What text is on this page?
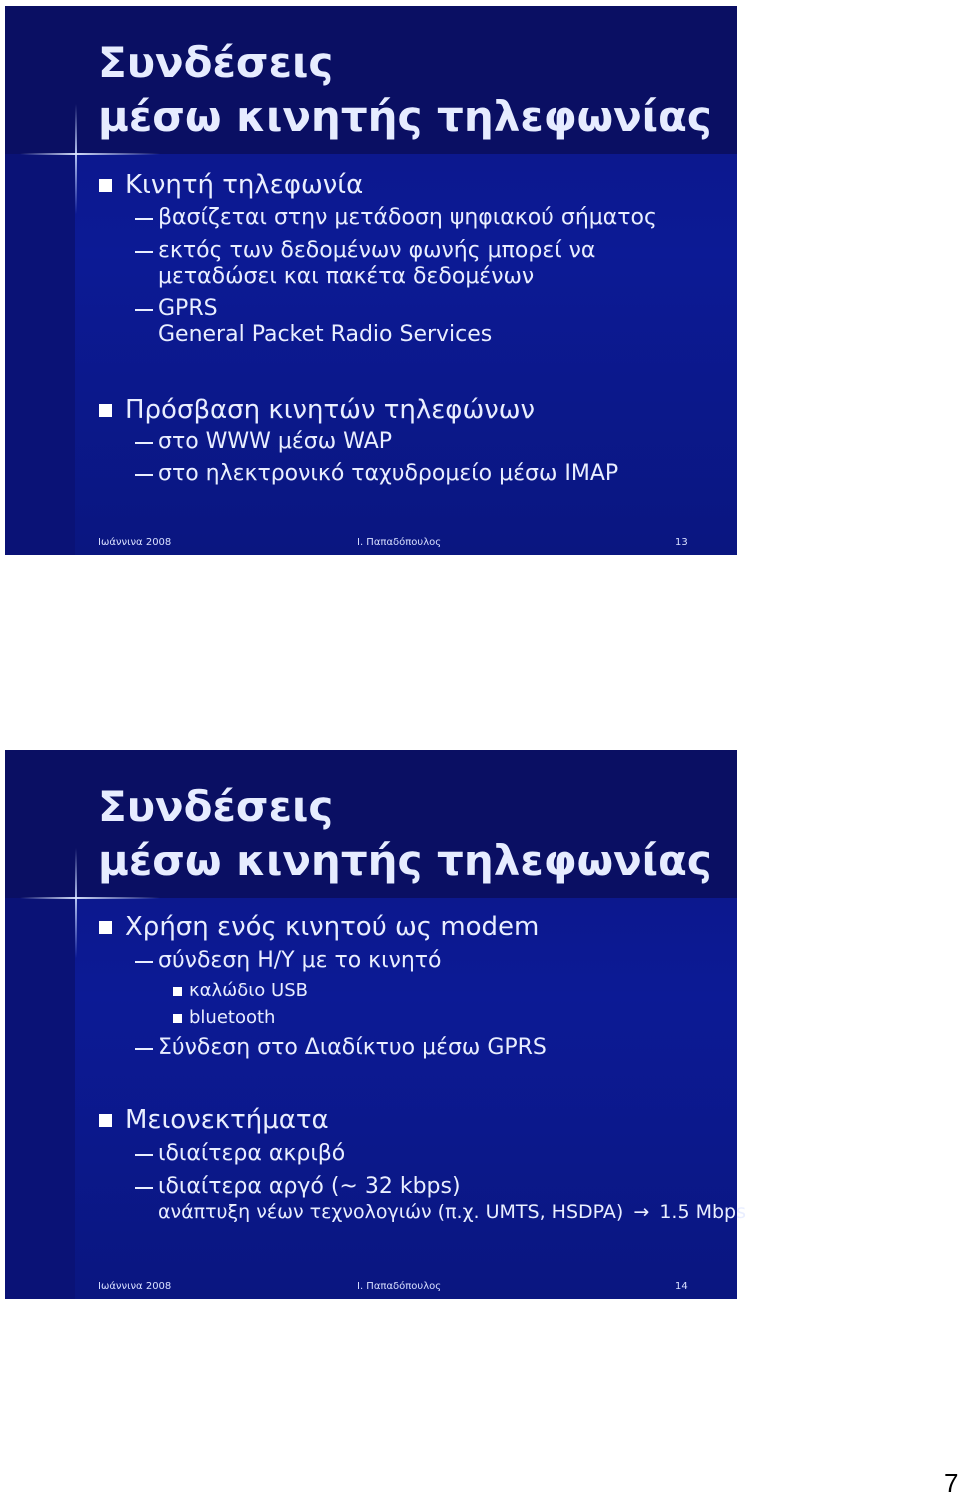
Συνδέσεις
μέσω κινητής τηλεφωνίας
Κινητή τηλεφωνία
βασίζεται στην μετάδοση ψηφιακού σήματος
εκτός των δεδομένων φωνής μπορεί να
μεταδώσει και πακέτα δεδομένων
GPRS
General Packet Radio Services
Πρόσβαση κινητών τηλεφώνων
στο WWW μέσω WAP
στο ηλεκτρονικό ταχυδρομείο μέσω IMAP
Ιωάννινα 2008	Ι. Παπαδόπουλος	13
Συνδέσεις
μέσω κινητής τηλεφωνίας
Χρήση ενός κινητού ως modem
σύνδεση Η/Υ με το κινητό
καλώδιο USB
bluetooth
Σύνδεση στο Διαδίκτυο μέσω GPRS
Μειονεκτήματα
ιδιαίτερα ακριβό
ιδιαίτερα αργό (~ 32 kbps)
ανάπτυξη νέων τεχνολογιών (π.χ. UMTS, HSDPA) → 1.5 Mbps
Ιωάννινα 2008	Ι. Παπαδόπουλος	14
7
